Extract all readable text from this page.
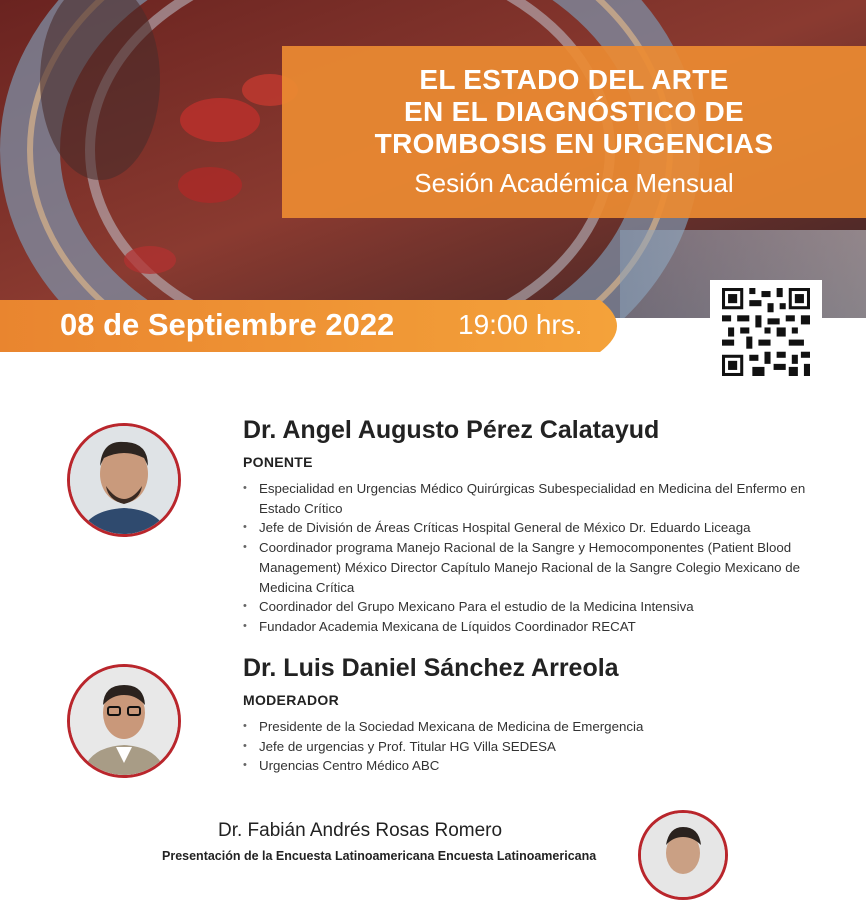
EL ESTADO DEL ARTE
EN EL DIAGNÓSTICO DE
TROMBOSIS EN URGENCIAS
Sesión Académica Mensual
08 de Septiembre 2022 19:00 hrs.
Dr. Angel Augusto Pérez Calatayud
PONENTE
• Especialidad en Urgencias Médico Quirúrgicas Subespecialidad en Medicina del Enfermo en Estado Crítico
• Jefe de División de Áreas Críticas Hospital General de México Dr. Eduardo Liceaga
• Coordinador programa Manejo Racional de la Sangre y Hemocomponentes (Patient Blood Management) México Director Capítulo Manejo Racional de la Sangre Colegio Mexicano de Medicina Crítica
• Coordinador del Grupo Mexicano Para el estudio de la Medicina Intensiva
• Fundador Academia Mexicana de Líquidos Coordinador RECAT
Dr. Luis Daniel Sánchez Arreola
MODERADOR
• Presidente de la Sociedad Mexicana de Medicina de Emergencia
• Jefe de urgencias y Prof. Titular HG Villa SEDESA
• Urgencias Centro Médico ABC
Dr. Fabián Andrés Rosas Romero
Presentación de la Encuesta Latinoamericana Encuesta Latinoamericana
